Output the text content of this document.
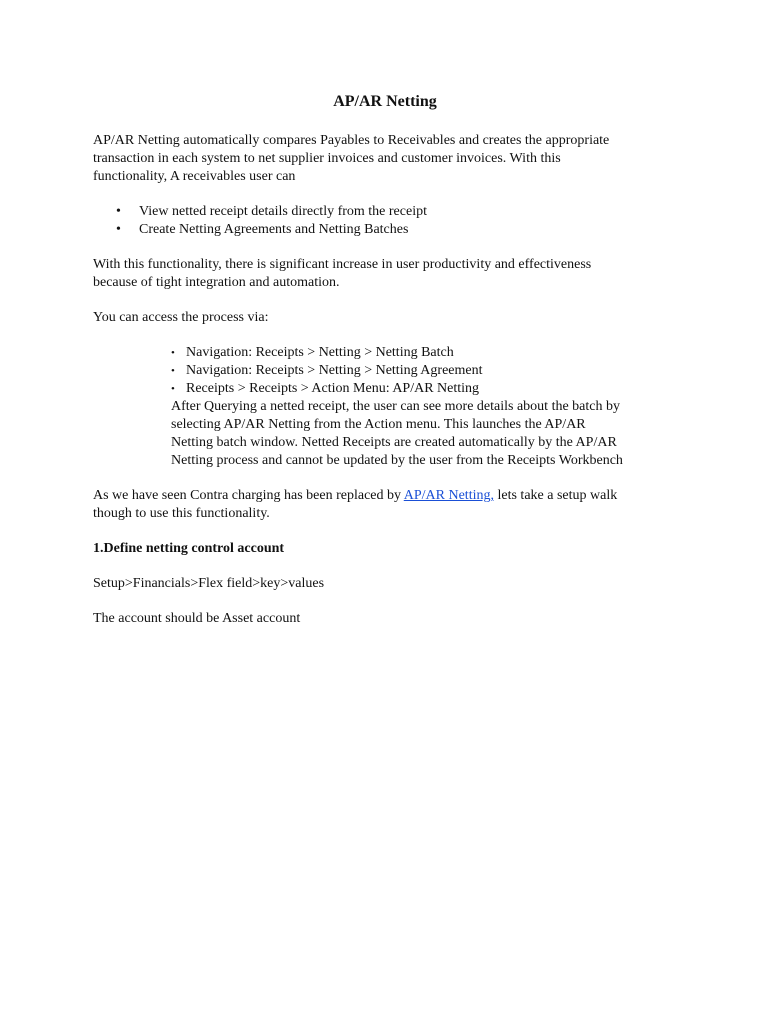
AP/AR Netting

AP/AR Netting automatically compares Payables to Receivables and creates the appropriate
transaction in each system to net supplier invoices and customer invoices. With this
functionality, A receivables user can

• View netted receipt details directly from the receipt
• Create Netting Agreements and Netting Batches

With this functionality, there is significant increase in user productivity and effectiveness
because of tight integration and automation.

You can access the process via:

• Navigation: Receipts > Netting > Netting Batch
• Navigation: Receipts > Netting > Netting Agreement
• Receipts > Receipts > Action Menu: AP/AR Netting

After Querying a netted receipt, the user can see more details about the batch by
selecting AP/AR Netting from the Action menu. This launches the AP/AR
Netting batch window. Netted Receipts are created automatically by the AP/AR
Netting process and cannot be updated by the user from the Receipts Workbench

As we have seen Contra charging has been replaced by AP/AR Netting, lets take a setup walk
though to use this functionality.

1.Define netting control account

Setup>Financials>Flex field>key>values

The account should be Asset account
